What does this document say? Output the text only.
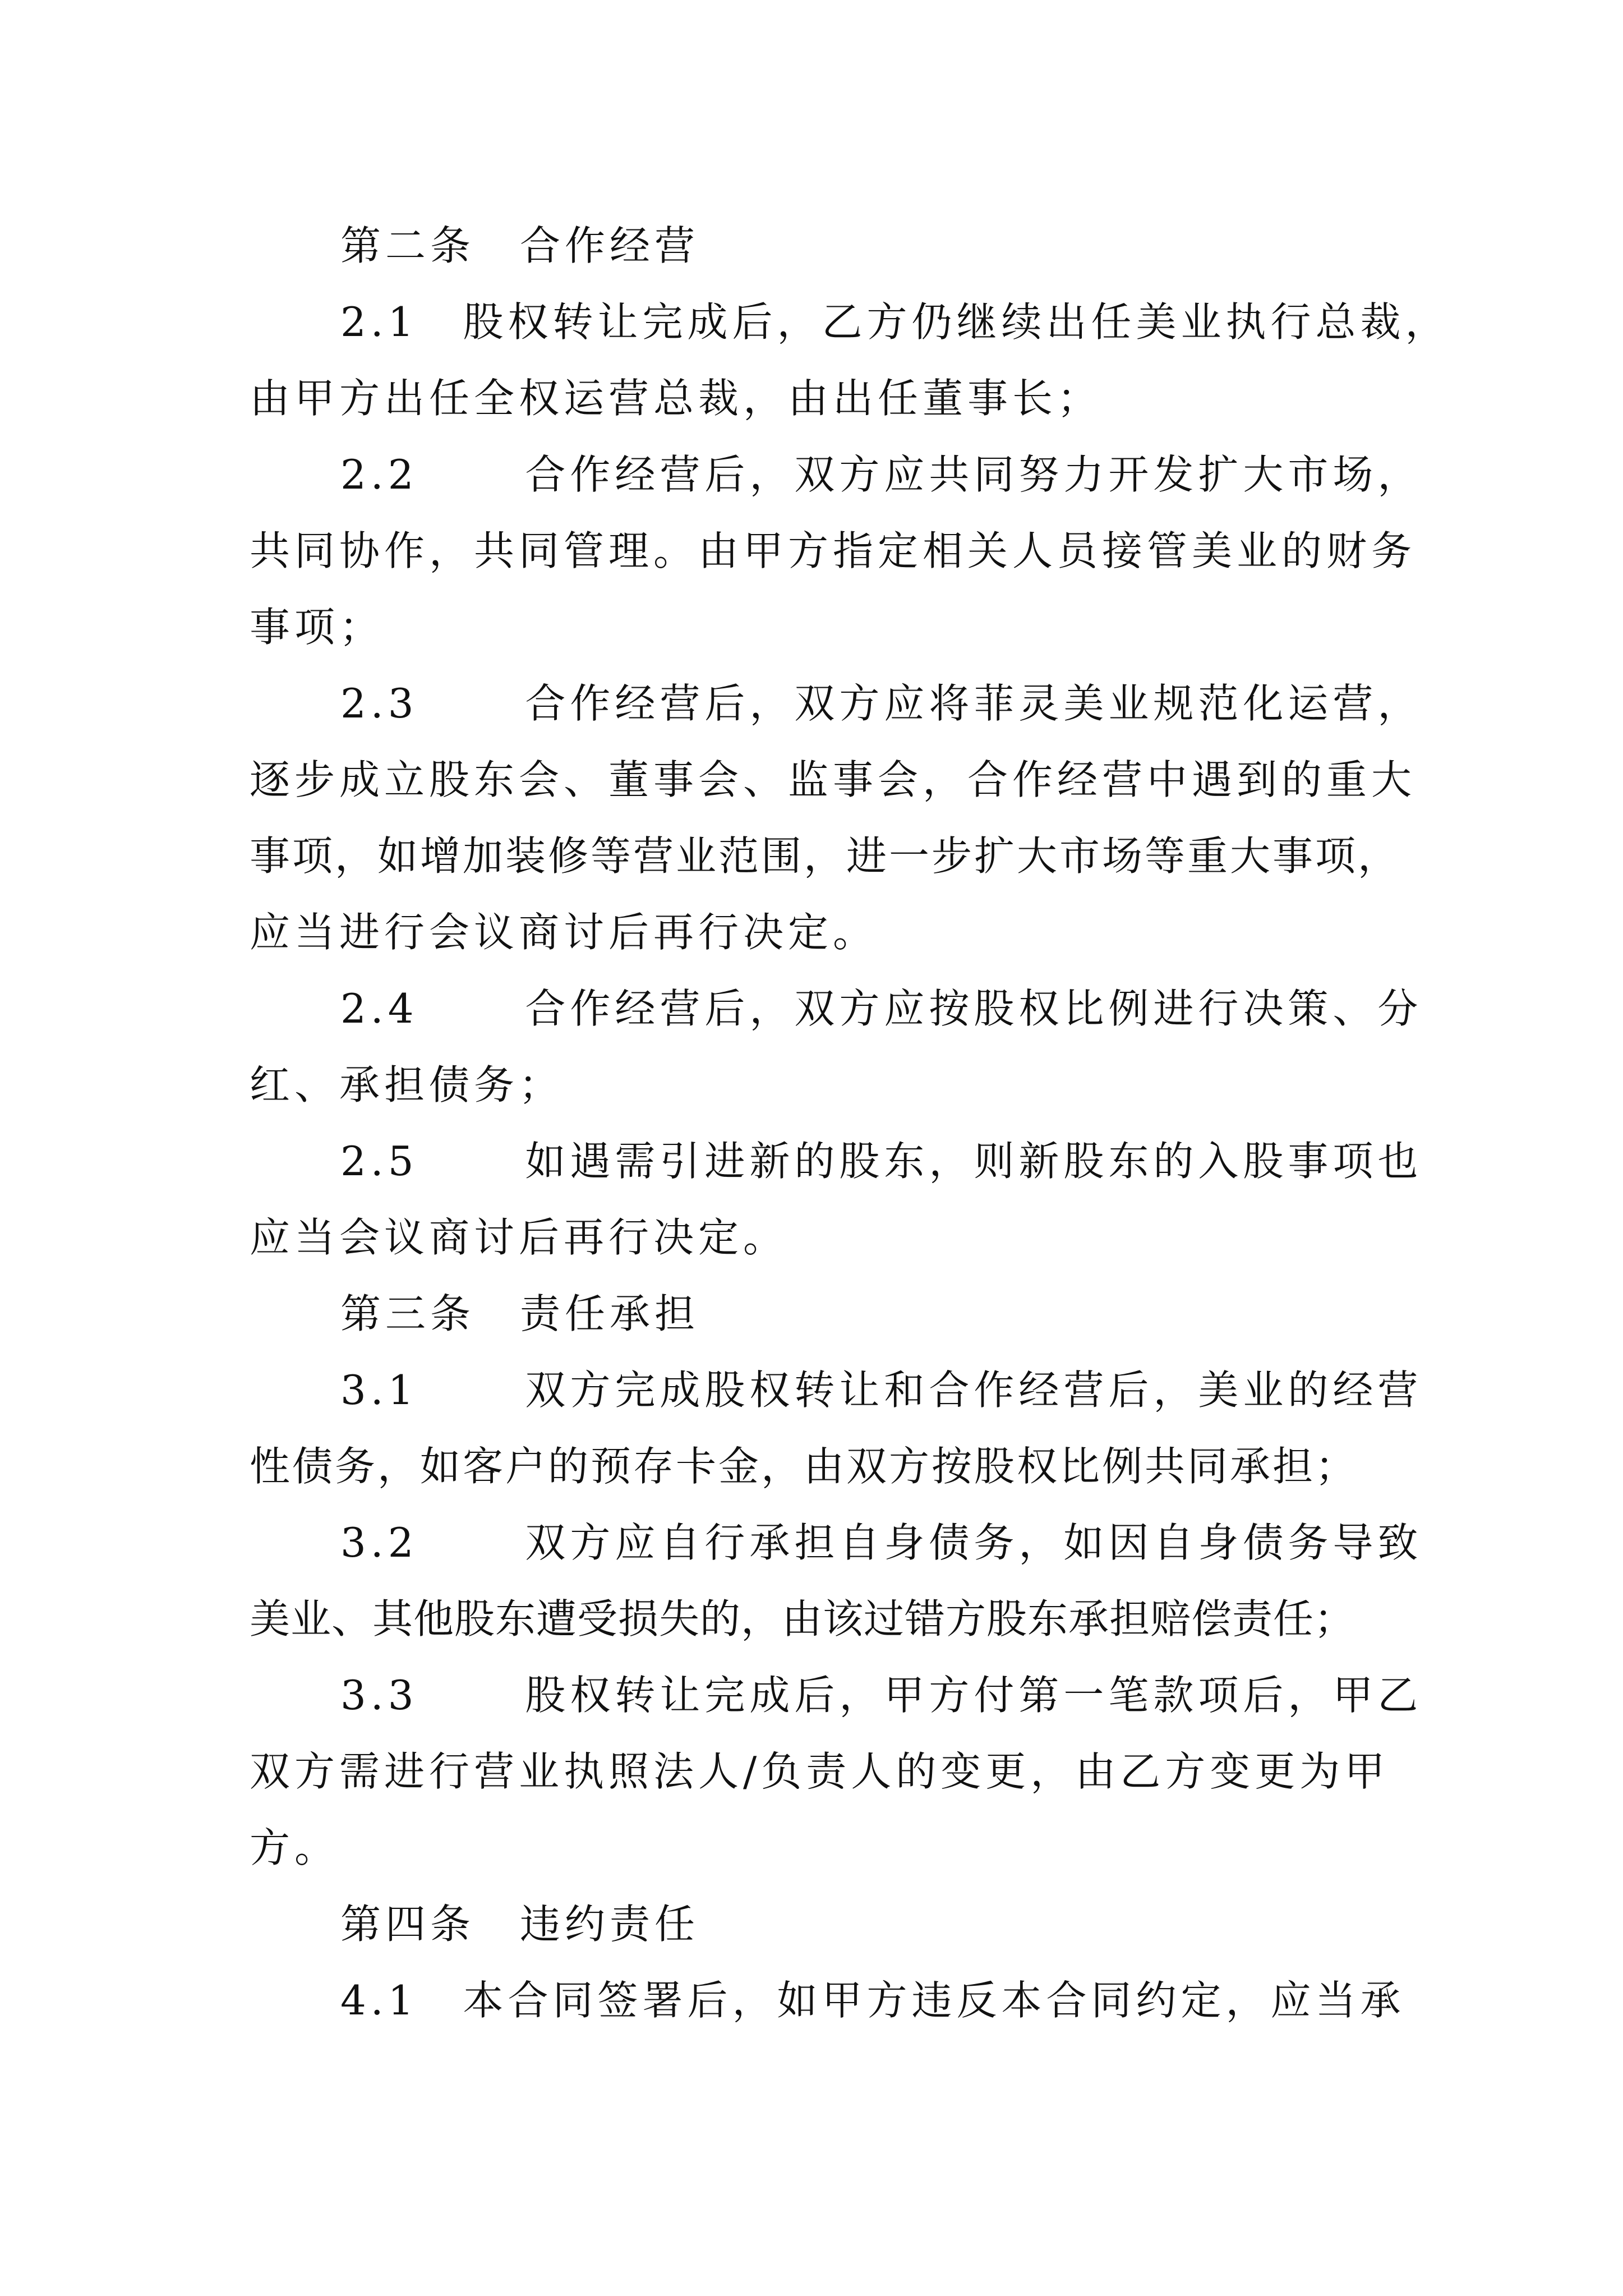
第二条　合作经营
2.1　股权转让完成后，乙方仍继续出任美业执行总裁，
由甲方出任全权运营总裁，由出任董事长；
2.2　　 合作经营后，双方应共同努力开发扩大市场，
共同协作，共同管理。由甲方指定相关人员接管美业的财务
事项；
2.3　　 合作经营后，双方应将菲灵美业规范化运营，
逐步成立股东会、董事会、监事会，合作经营中遇到的重大
事项，如增加装修等营业范围，进一步扩大市场等重大事项，
应当进行会议商讨后再行决定。
2.4　　 合作经营后，双方应按股权比例进行决策、分
红、承担债务；
2.5　　 如遇需引进新的股东，则新股东的入股事项也
应当会议商讨后再行决定。
第三条　责任承担
3.1　　 双方完成股权转让和合作经营后，美业的经营
性债务，如客户的预存卡金，由双方按股权比例共同承担；
3.2　　 双方应自行承担自身债务，如因自身债务导致
美业、其他股东遭受损失的，由该过错方股东承担赔偿责任；
3.3　　 股权转让完成后，甲方付第一笔款项后，甲乙
双方需进行营业执照法人/负责人的变更，由乙方变更为甲
方。
第四条　违约责任
4.1　本合同签署后，如甲方违反本合同约定，应当承
